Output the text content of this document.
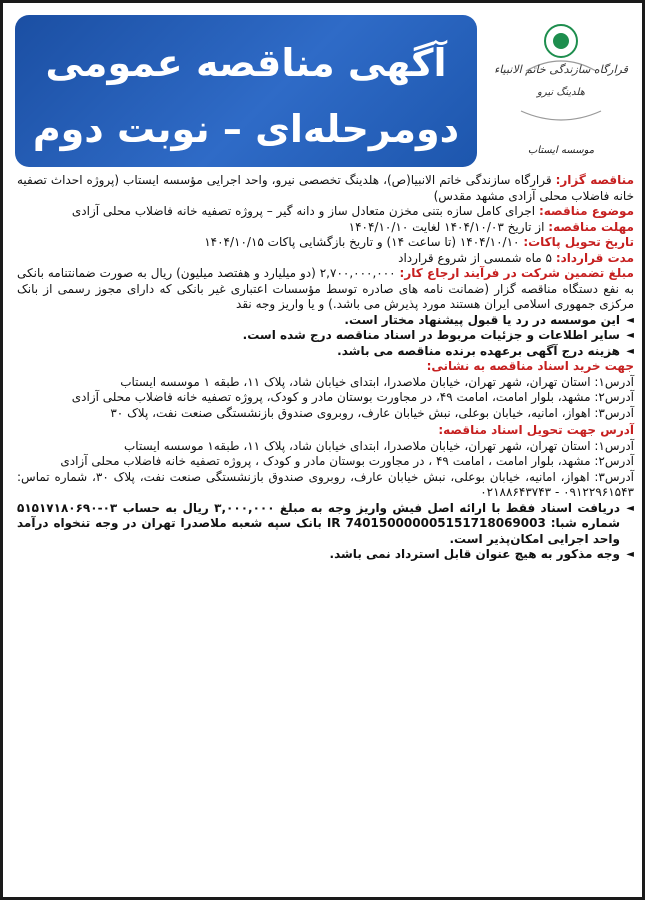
آگهی مناقصه عمومی
دومرحله‌ای – نوبت دوم
قرارگاه سازندگی خاتم الانبیاء
هلدینگ نیرو
موسسه ایستاب

مناقصه گزار: قرارگاه سازندگی خاتم الانبیا(ص)، هلدینگ تخصصی نیرو، واحد اجرایی مؤسسه ایستاب (پروژه احداث تصفیه خانه فاضلاب محلی آزادی مشهد مقدس)

موضوع مناقصه: اجرای کامل سازه بتنی مخزن متعادل ساز و دانه گیر – پروژه تصفیه خانه فاضلاب محلی آزادی

مهلت مناقصه: از تاریخ ۱۴۰۴/۱۰/۰۳ لغایت ۱۴۰۴/۱۰/۱۰

تاریخ تحویل پاکات: ۱۴۰۴/۱۰/۱۰ (تا ساعت ۱۴) و تاریخ بازگشایی پاکات ۱۴۰۴/۱۰/۱۵

مدت قرارداد: ۵ ماه شمسی از شروع قرارداد

مبلغ تضمین شرکت در فرآیند ارجاع کار: ۲,۷۰۰,۰۰۰,۰۰۰ (دو میلیارد و هفتصد میلیون) ریال به صورت ضمانتنامه بانکی به نفع دستگاه مناقصه گزار (ضمانت نامه های صادره توسط مؤسسات اعتباری غیر بانکی که دارای مجوز رسمی از بانک مرکزی جمهوری اسلامی ایران هستند مورد پذیرش می باشد.) و یا واریز وجه نقد

◄ این موسسه در رد یا قبول پیشنهاد مختار است.

◄ سایر اطلاعات و جزئیات مربوط در اسناد مناقصه درج شده است.

◄ هزینه درج آگهی برعهده برنده مناقصه می باشد.

جهت خرید اسناد مناقصه به نشانی:

آدرس۱: استان تهران، شهر تهران، خیابان ملاصدرا، ابتدای خیابان شاد، پلاک ۱۱، طبقه ۱ موسسه ایستاب

آدرس۲: مشهد، بلوار امامت، امامت ۴۹، در مجاورت بوستان مادر و کودک، پروژه تصفیه خانه فاضلاب محلی آزادی

آدرس۳: اهواز، امانیه، خیابان بوعلی، نبش خیابان عارف، روبروی صندوق بازنشستگی صنعت نفت، پلاک ۳۰

آدرس جهت تحویل اسناد مناقصه:

آدرس۱: استان تهران، شهر تهران، خیابان ملاصدرا، ابتدای خیابان شاد، پلاک ۱۱، طبقه۱ موسسه ایستاب

آدرس۲: مشهد، بلوار امامت ، امامت ۴۹ ، در مجاورت بوستان مادر و کودک ، پروژه تصفیه خانه فاضلاب محلی آزادی

آدرس۳: اهواز، امانیه، خیابان بوعلی، نبش خیابان عارف، روبروی صندوق بازنشستگی صنعت نفت، پلاک ۳۰، شماره تماس: ۰۹۱۲۲۹۶۱۵۴۳ - ۰۲۱۸۸۶۴۳۷۴۳

◄ دریافت اسناد فقط با ارائه اصل فیش واریز وجه به مبلغ ۳,۰۰۰,۰۰۰ ریال به حساب ۰۳-۵۱۵۱۷۱۸۰۶۹۰ شماره شبا: IR 740150000005151718069003 بانک سپه شعبه ملاصدرا تهران در وجه تنخواه درآمد واحد اجرایی امکان‌پذیر است.

◄ وجه مذکور به هیچ عنوان قابل استرداد نمی باشد.
